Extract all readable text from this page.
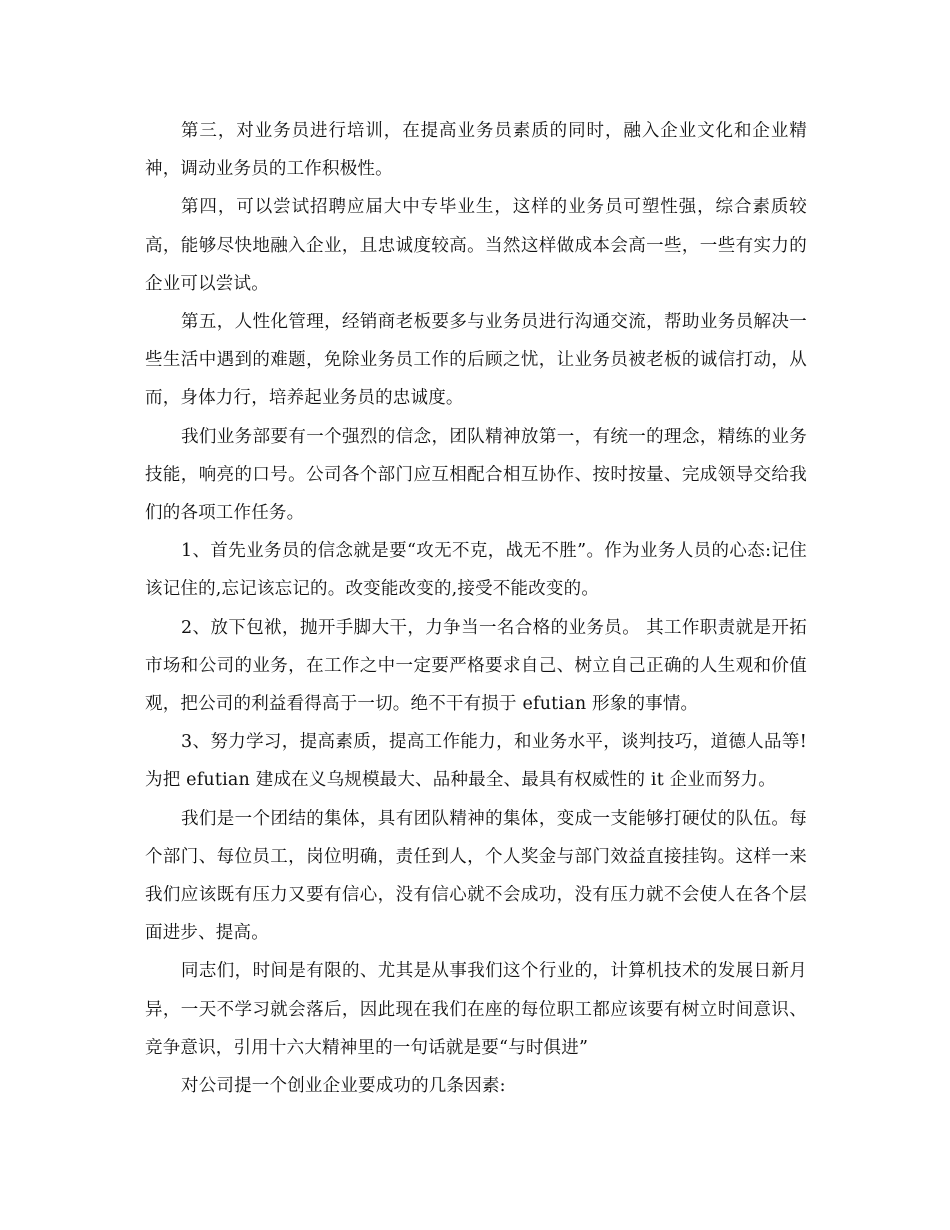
第三，对业务员进行培训，在提高业务员素质的同时，融入企业文化和企业精神，调动业务员的工作积极性。

第四，可以尝试招聘应届大中专毕业生，这样的业务员可塑性强，综合素质较高，能够尽快地融入企业，且忠诚度较高。当然这样做成本会高一些，一些有实力的企业可以尝试。

第五，人性化管理，经销商老板要多与业务员进行沟通交流，帮助业务员解决一些生活中遇到的难题，免除业务员工作的后顾之忧，让业务员被老板的诚信打动，从而，身体力行，培养起业务员的忠诚度。

我们业务部要有一个强烈的信念，团队精神放第一，有统一的理念，精练的业务技能，响亮的口号。公司各个部门应互相配合相互协作、按时按量、完成领导交给我们的各项工作任务。

1、首先业务员的信念就是要“攻无不克，战无不胜”。作为业务人员的心态:记住该记住的,忘记该忘记的。改变能改变的,接受不能改变的。

2、放下包袱，抛开手脚大干，力争当一名合格的业务员。 其工作职责就是开拓市场和公司的业务，在工作之中一定要严格要求自己、树立自己正确的人生观和价值观，把公司的利益看得高于一切。绝不干有损于 efutian 形象的事情。

3、努力学习，提高素质，提高工作能力，和业务水平，谈判技巧，道德人品等!为把 efutian 建成在义乌规模最大、品种最全、最具有权威性的 it 企业而努力。

我们是一个团结的集体，具有团队精神的集体，变成一支能够打硬仗的队伍。每个部门、每位员工，岗位明确，责任到人，个人奖金与部门效益直接挂钩。这样一来我们应该既有压力又要有信心，没有信心就不会成功，没有压力就不会使人在各个层面进步、提高。

同志们，时间是有限的、尤其是从事我们这个行业的，计算机技术的发展日新月异，一天不学习就会落后，因此现在我们在座的每位职工都应该要有树立时间意识、竞争意识，引用十六大精神里的一句话就是要“与时俱进”

对公司提一个创业企业要成功的几条因素:
